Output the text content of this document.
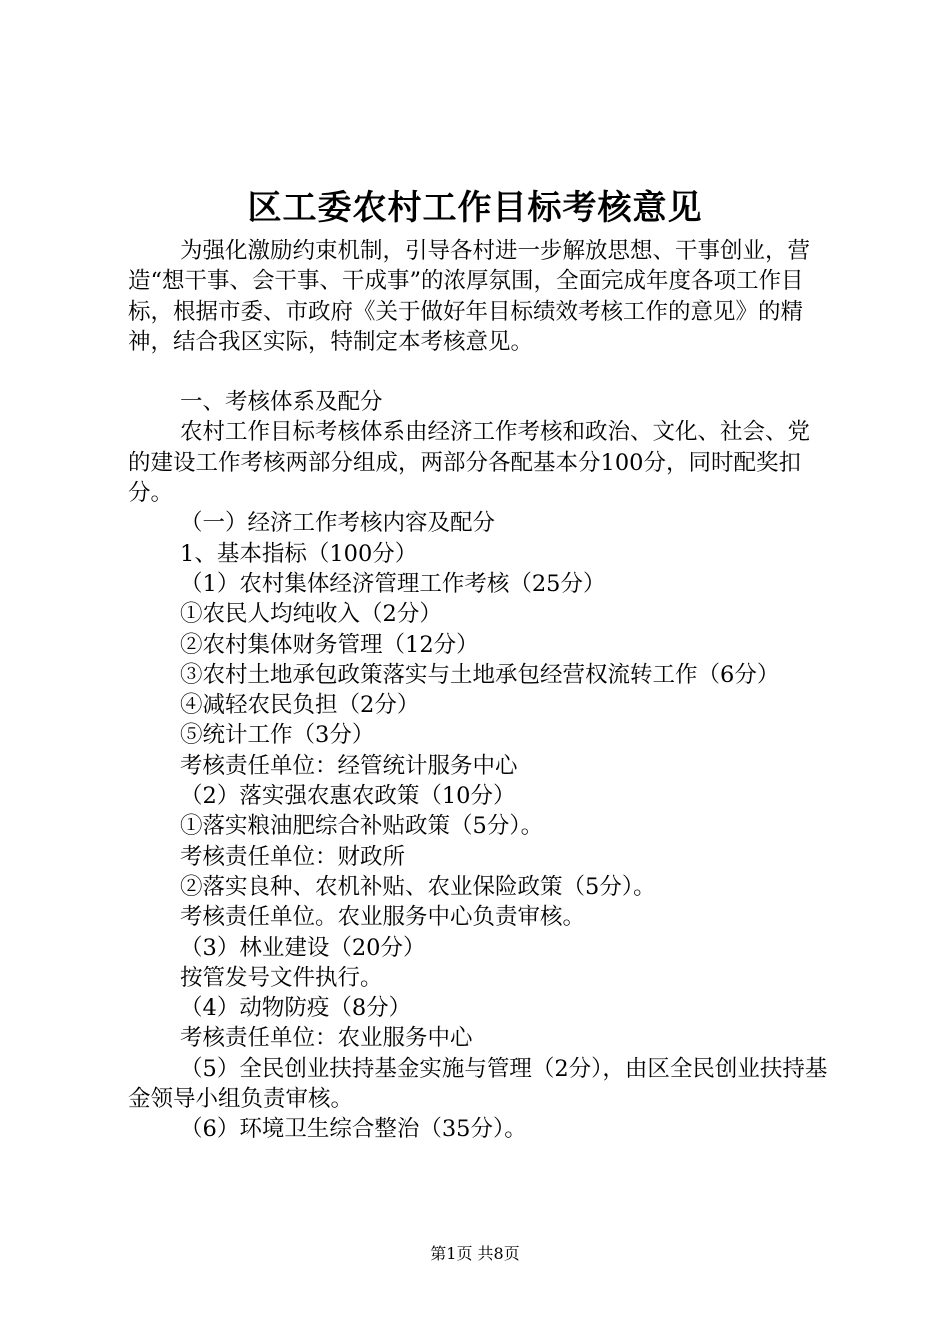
区工委农村工作目标考核意见

为强化激励约束机制，引导各村进一步解放思想、干事创业，营造“想干事、会干事、干成事”的浓厚氛围，全面完成年度各项工作目标，根据市委、市政府《关于做好年目标绩效考核工作的意见》的精神，结合我区实际，特制定本考核意见。

一、考核体系及配分

农村工作目标考核体系由经济工作考核和政治、文化、社会、党的建设工作考核两部分组成，两部分各配基本分100分，同时配奖扣分。

（一）经济工作考核内容及配分

1、基本指标（100分）

（1）农村集体经济管理工作考核（25分）

①农民人均纯收入（2分）

②农村集体财务管理（12分）

③农村土地承包政策落实与土地承包经营权流转工作（6分）

④减轻农民负担（2分）

⑤统计工作（3分）

考核责任单位：经管统计服务中心

（2）落实强农惠农政策（10分）

①落实粮油肥综合补贴政策（5分）。

考核责任单位：财政所

②落实良种、农机补贴、农业保险政策（5分）。

考核责任单位。农业服务中心负责审核。

（3）林业建设（20分）

按管发号文件执行。

（4）动物防疫（8分）

考核责任单位：农业服务中心

（5）全民创业扶持基金实施与管理（2分），由区全民创业扶持基金领导小组负责审核。

（6）环境卫生综合整治（35分）。

第1页 共8页
